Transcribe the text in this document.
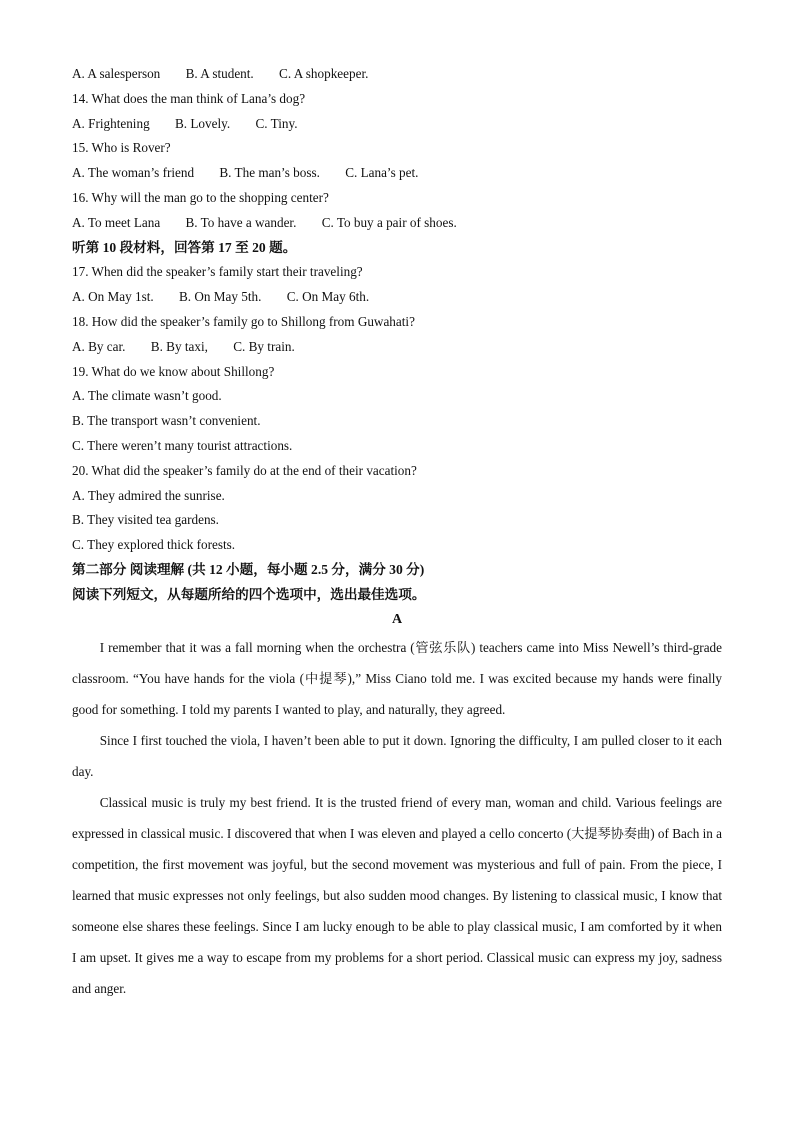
A. A salesperson B. A student. C. A shopkeeper.
14. What does the man think of Lana’s dog?
A. Frightening B. Lovely. C. Tiny.
15. Who is Rover?
A. The woman’s friend B. The man’s boss. C. Lana’s pet.
16. Why will the man go to the shopping center?
A. To meet Lana B. To have a wander. C. To buy a pair of shoes.
听第 10 段材料，回答第 17 至 20 题。
17. When did the speaker’s family start their traveling?
A. On May 1st. B. On May 5th. C. On May 6th.
18. How did the speaker’s family go to Shillong from Guwahati?
A. By car. B. By taxi, C. By train.
19. What do we know about Shillong?
A. The climate wasn’t good.
B. The transport wasn’t convenient.
C. There weren’t many tourist attractions.
20. What did the speaker’s family do at the end of their vacation?
A. They admired the sunrise.
B. They visited tea gardens.
C. They explored thick forests.
第二部分 阅读理解 (共 12 小题，每小题 2.5 分，满分 30 分)
阅读下列短文，从每题所给的四个选项中，选出最佳选项。
A

I remember that it was a fall morning when the orchestra (管弦乐队) teachers came into Miss Newell’s third-grade classroom. “You have hands for the viola (中提琴),” Miss Ciano told me. I was excited because my hands were finally good for something. I told my parents I wanted to play, and naturally, they agreed.

Since I first touched the viola, I haven’t been able to put it down. Ignoring the difficulty, I am pulled closer to it each day.

Classical music is truly my best friend. It is the trusted friend of every man, woman and child. Various feelings are expressed in classical music. I discovered that when I was eleven and played a cello concerto (大提琴协奏曲) of Bach in a competition, the first movement was joyful, but the second movement was mysterious and full of pain. From the piece, I learned that music expresses not only feelings, but also sudden mood changes. By listening to classical music, I know that someone else shares these feelings. Since I am lucky enough to be able to play classical music, I am comforted by it when I am upset. It gives me a way to escape from my problems for a short period. Classical music can express my joy, sadness and anger.
